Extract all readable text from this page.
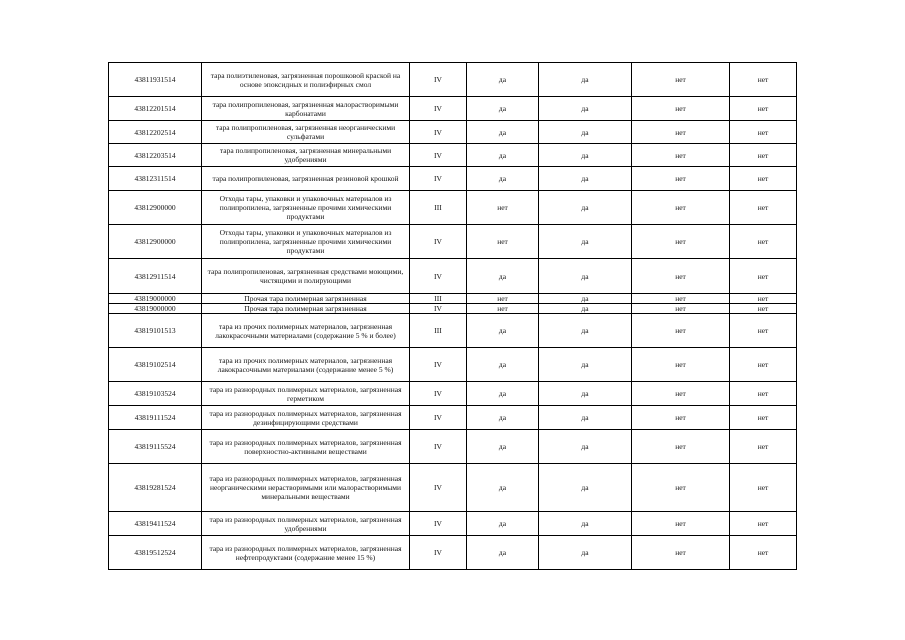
43811931514	тара полиэтиленовая, загрязненная порошковой краской на основе эпоксидных и полиэфирных смол	IV	да	да	нет	нет
43812201514	тара полипропиленовая, загрязненная малорастворимыми карбонатами	IV	да	да	нет	нет
43812202514	тара полипропиленовая, загрязненная неорганическими сульфатами	IV	да	да	нет	нет
43812203514	тара полипропиленовая, загрязненная минеральными удобрениями	IV	да	да	нет	нет
43812311514	тара полипропиленовая, загрязненная резиновой крошкой	IV	да	да	нет	нет
43812900000	Отходы тары, упаковки и упаковочных материалов из полипропилена, загрязненные прочими химическими продуктами	III	нет	да	нет	нет
43812900000	Отходы тары, упаковки и упаковочных материалов из полипропилена, загрязненные прочими химическими продуктами	IV	нет	да	нет	нет
43812911514	тара полипропиленовая, загрязненная средствами моющими, чистящими и полирующими	IV	да	да	нет	нет
43819000000	Прочая тара полимерная загрязненная	III	нет	да	нет	нет
43819000000	Прочая тара полимерная загрязненная	IV	нет	да	нет	нет
43819101513	тара из прочих полимерных материалов, загрязненная лакокрасочными материалами (содержание 5 % и более)	III	да	да	нет	нет
43819102514	тара из прочих полимерных материалов, загрязненная лакокрасочными материалами (содержание менее 5 %)	IV	да	да	нет	нет
43819103524	тара из разнородных полимерных материалов, загрязненная герметиком	IV	да	да	нет	нет
43819111524	тара из разнородных полимерных материалов, загрязненная дезинфицирующими средствами	IV	да	да	нет	нет
43819115524	тара из разнородных полимерных материалов, загрязненная поверхностно-активными веществами	IV	да	да	нет	нет
43819281524	тара из разнородных полимерных материалов, загрязненная неорганическими нерастворимыми или малорастворимыми минеральными веществами	IV	да	да	нет	нет
43819411524	тара из разнородных полимерных материалов, загрязненная удобрениями	IV	да	да	нет	нет
43819512524	тара из разнородных полимерных материалов, загрязненная нефтепродуктами (содержание менее 15 %)	IV	да	да	нет	нет
